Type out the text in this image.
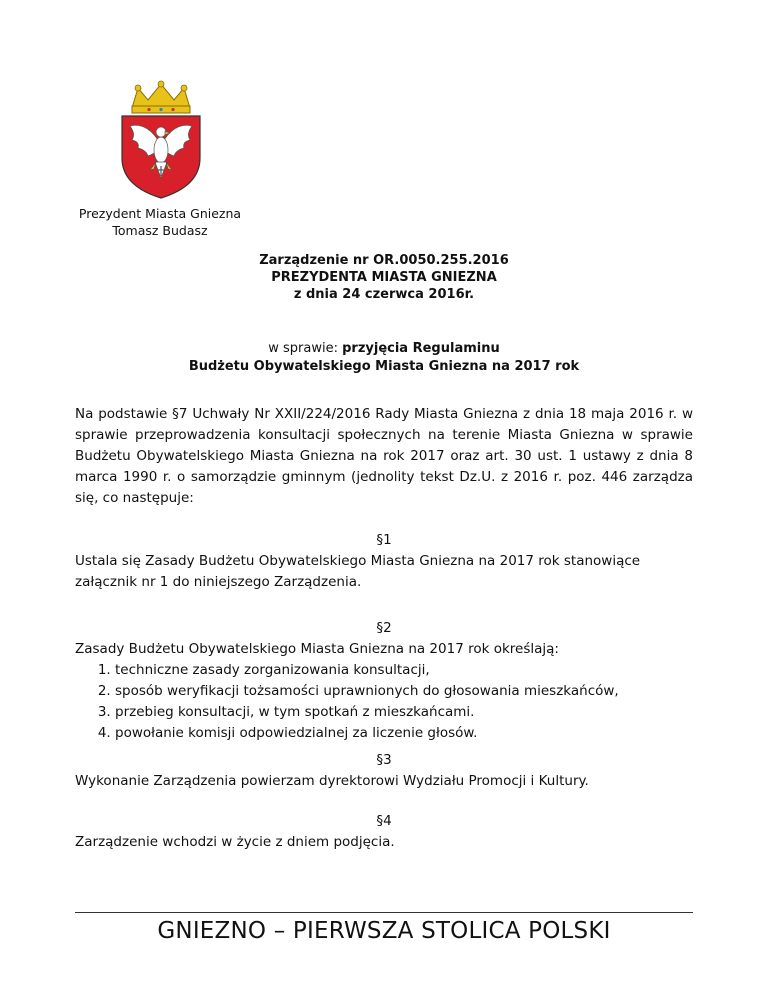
Prezydent Miasta Gniezna
Tomasz Budasz
Zarządzenie nr OR.0050.255.2016
PREZYDENTA MIASTA GNIEZNA
z dnia 24 czerwca 2016r.
w sprawie: przyjęcia Regulaminu
Budżetu Obywatelskiego Miasta Gniezna na 2017 rok
Na podstawie §7 Uchwały Nr XXII/224/2016 Rady Miasta Gniezna z dnia 18 maja 2016 r. w sprawie przeprowadzenia konsultacji społecznych na terenie Miasta Gniezna w sprawie Budżetu Obywatelskiego Miasta Gniezna na rok 2017 oraz art. 30 ust. 1 ustawy z dnia 8 marca 1990 r. o samorządzie gminnym (jednolity tekst Dz.U. z 2016 r. poz. 446 zarządza się, co następuje:
§1
Ustala się Zasady Budżetu Obywatelskiego Miasta Gniezna na 2017 rok stanowiące załącznik nr 1 do niniejszego Zarządzenia.
§2
Zasady Budżetu Obywatelskiego Miasta Gniezna na 2017 rok określają:
1. techniczne zasady zorganizowania konsultacji,
2. sposób weryfikacji tożsamości uprawnionych do głosowania mieszkańców,
3. przebieg konsultacji, w tym spotkań z mieszkańcami.
4. powołanie komisji odpowiedzialnej za liczenie głosów.
§3
Wykonanie Zarządzenia powierzam dyrektorowi Wydziału Promocji i Kultury.
§4
Zarządzenie wchodzi w życie z dniem podjęcia.
GNIEZNO – PIERWSZA STOLICA POLSKI
